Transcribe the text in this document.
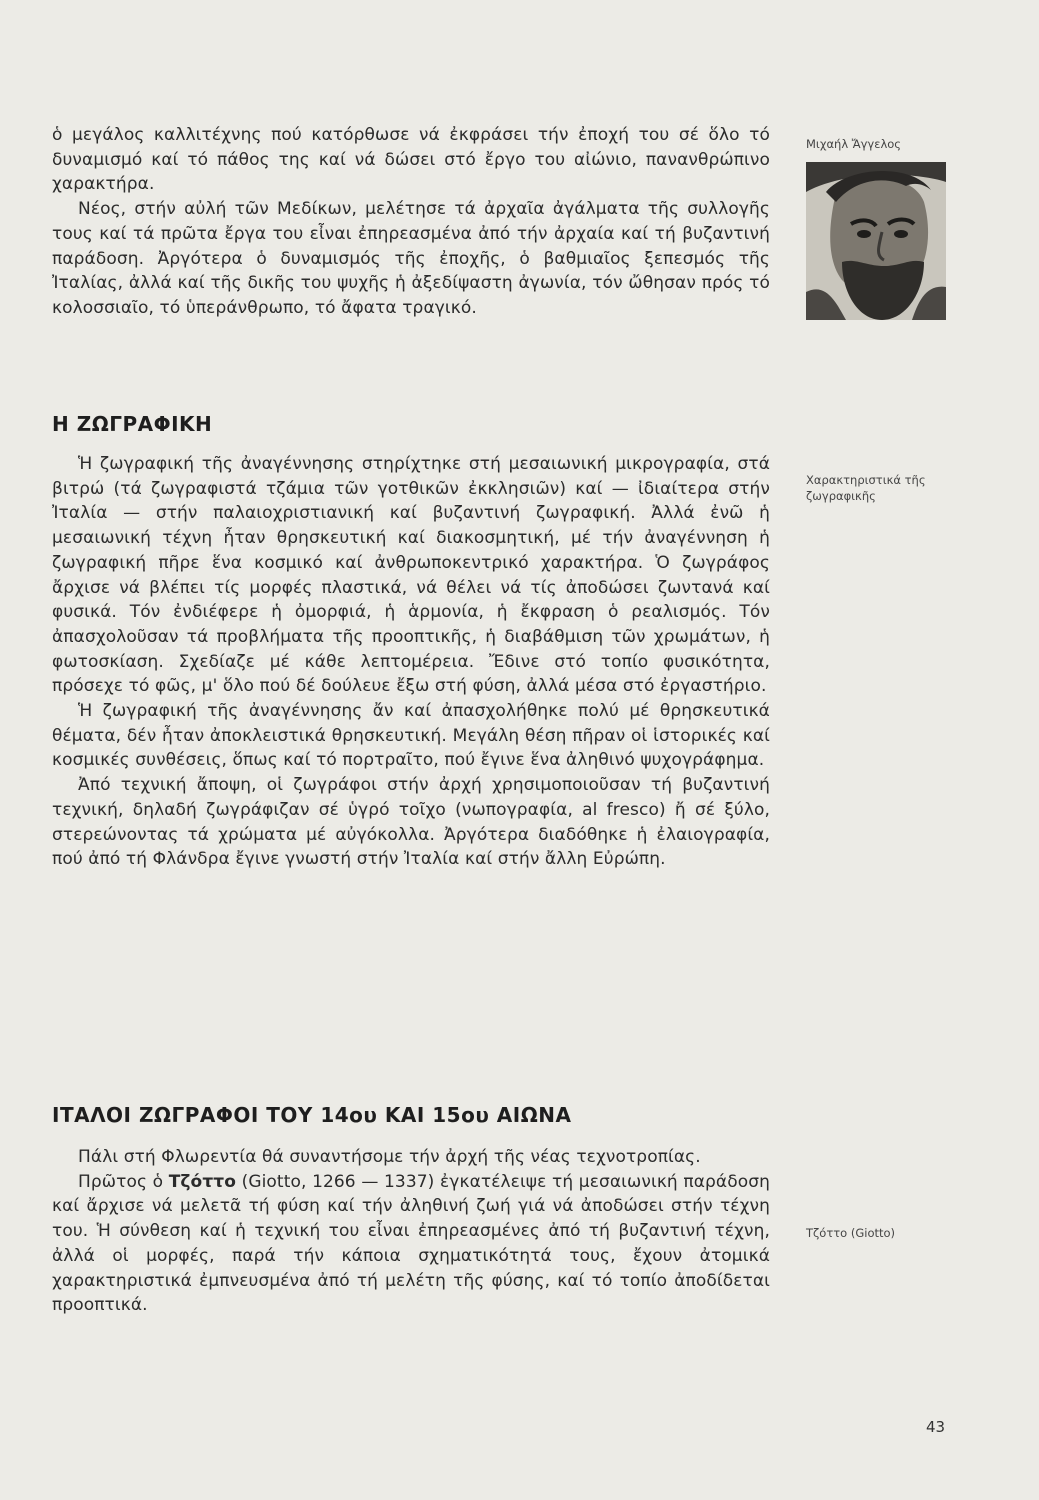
ὁ μεγάλος καλλιτέχνης πού κατόρθωσε νά ἐκφράσει τήν ἐποχή του σέ ὅλο τό δυναμισμό καί τό πάθος της καί νά δώσει στό ἔργο του αἰώνιο, πανανθρώπινο χαρακτήρα.

Νέος, στήν αὐλή τῶν Μεδίκων, μελέτησε τά ἀρχαῖα ἀγάλματα τῆς συλλογῆς τους καί τά πρῶτα ἔργα του εἶναι ἐπηρεασμένα ἀπό τήν ἀρχαία καί τή βυζαντινή παράδοση. Ἀργότερα ὁ δυναμισμός τῆς ἐποχῆς, ὁ βαθμιαῖος ξεπεσμός τῆς Ἰταλίας, ἀλλά καί τῆς δικῆς του ψυχῆς ἡ ἀξεδίψαστη ἀγωνία, τόν ὤθησαν πρός τό κολοσσιαῖο, τό ὑπεράνθρωπο, τό ἄφατα τραγικό.

Η ΖΩΓΡΑΦΙΚΗ

Ἡ ζωγραφική τῆς ἀναγέννησης στηρίχτηκε στή μεσαιωνική μικρογραφία, στά βιτρώ (τά ζωγραφιστά τζάμια τῶν γοτθικῶν ἐκκλησιῶν) καί — ἰδιαίτερα στήν Ἰταλία — στήν παλαιοχριστιανική καί βυζαντινή ζωγραφική. Ἀλλά ἐνῶ ἡ μεσαιωνική τέχνη ἦταν θρησκευτική καί διακοσμητική, μέ τήν ἀναγέννηση ἡ ζωγραφική πῆρε ἕνα κοσμικό καί ἀνθρωποκεντρικό χαρακτήρα. Ὁ ζωγράφος ἄρχισε νά βλέπει τίς μορφές πλαστικά, νά θέλει νά τίς ἀποδώσει ζωντανά καί φυσικά. Τόν ἐνδιέφερε ἡ ὀμορφιά, ἡ ἁρμονία, ἡ ἔκφραση ὁ ρεαλισμός. Τόν ἀπασχολοῦσαν τά προβλήματα τῆς προοπτικῆς, ἡ διαβάθμιση τῶν χρωμάτων, ἡ φωτοσκίαση. Σχεδίαζε μέ κάθε λεπτομέρεια. Ἔδινε στό τοπίο φυσικότητα, πρόσεχε τό φῶς, μ' ὅλο πού δέ δούλευε ἔξω στή φύση, ἀλλά μέσα στό ἐργαστήριο.

Ἡ ζωγραφική τῆς ἀναγέννησης ἄν καί ἀπασχολήθηκε πολύ μέ θρησκευτικά θέματα, δέν ἦταν ἀποκλειστικά θρησκευτική. Μεγάλη θέση πῆραν οἱ ἱστορικές καί κοσμικές συνθέσεις, ὅπως καί τό πορτραῖτο, πού ἔγινε ἕνα ἀληθινό ψυχογράφημα.

Ἀπό τεχνική ἄποψη, οἱ ζωγράφοι στήν ἀρχή χρησιμοποιοῦσαν τή βυζαντινή τεχνική, δηλαδή ζωγράφιζαν σέ ὑγρό τοῖχο (νωπογραφία, al fresco) ἤ σέ ξύλο, στερεώνοντας τά χρώματα μέ αὐγόκολλα. Ἀργότερα διαδόθηκε ἡ ἐλαιογραφία, πού ἀπό τή Φλάνδρα ἔγινε γνωστή στήν Ἰταλία καί στήν ἄλλη Εὐρώπη.

ΙΤΑΛΟΙ ΖΩΓΡΑΦΟΙ ΤΟΥ 14ου ΚΑΙ 15ου ΑΙΩΝΑ

Πάλι στή Φλωρεντία θά συναντήσομε τήν ἀρχή τῆς νέας τεχνοτροπίας.

Πρῶτος ὁ Τζόττο (Giotto, 1266 — 1337) ἐγκατέλειψε τή μεσαιωνική παράδοση καί ἄρχισε νά μελετᾶ τή φύση καί τήν ἀληθινή ζωή γιά νά ἀποδώσει στήν τέχνη του. Ἡ σύνθεση καί ἡ τεχνική του εἶναι ἐπηρεασμένες ἀπό τή βυζαντινή τέχνη, ἀλλά οἱ μορφές, παρά τήν κάποια σχηματικότητά τους, ἔχουν ἀτομικά χαρακτηριστικά ἐμπνευσμένα ἀπό τή μελέτη τῆς φύσης, καί τό τοπίο ἀποδίδεται προοπτικά.

Μιχαήλ Ἄγγελος
Χαρακτηριστικά τῆς ζωγραφικῆς
Τζόττο (Giotto)
43
